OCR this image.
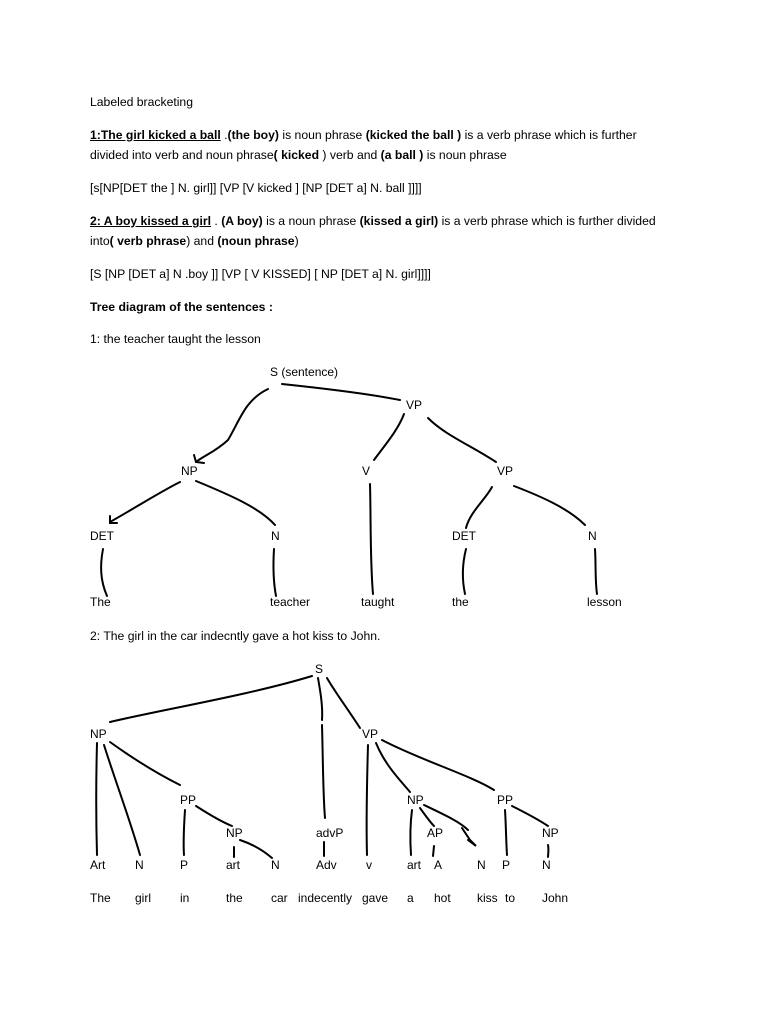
Labeled bracketing
1:The girl kicked a ball .(the boy) is noun phrase (kicked the ball ) is a verb phrase which is further
divided into verb and noun phrase( kicked ) verb and (a ball ) is noun phrase
[s[NP[DET the ] N. girl]] [VP [V kicked ] [NP [DET a] N. ball ]]]]
2: A boy kissed a girl . (A boy) is a noun phrase (kissed a girl) is a verb phrase which is further divided
into( verb phrase) and (noun phrase)
[S [NP [DET a] N .boy ]] [VP [ V KISSED] [ NP [DET a] N. girl]]]]
Tree diagram of the sentences :
1: the teacher taught the lesson
S (sentence)
VP
NP	V	VP
DET	N	DET	N
The	teacher	taught	the	lesson
2: The girl in the car indecntly gave a hot kiss to John.
S
NP	VP
PP	NP	PP
NP	advP	AP	NP
Art N	P	art	N	Adv v	art A	N P	N
The girl in	the car indecently gave a hot kiss to John
